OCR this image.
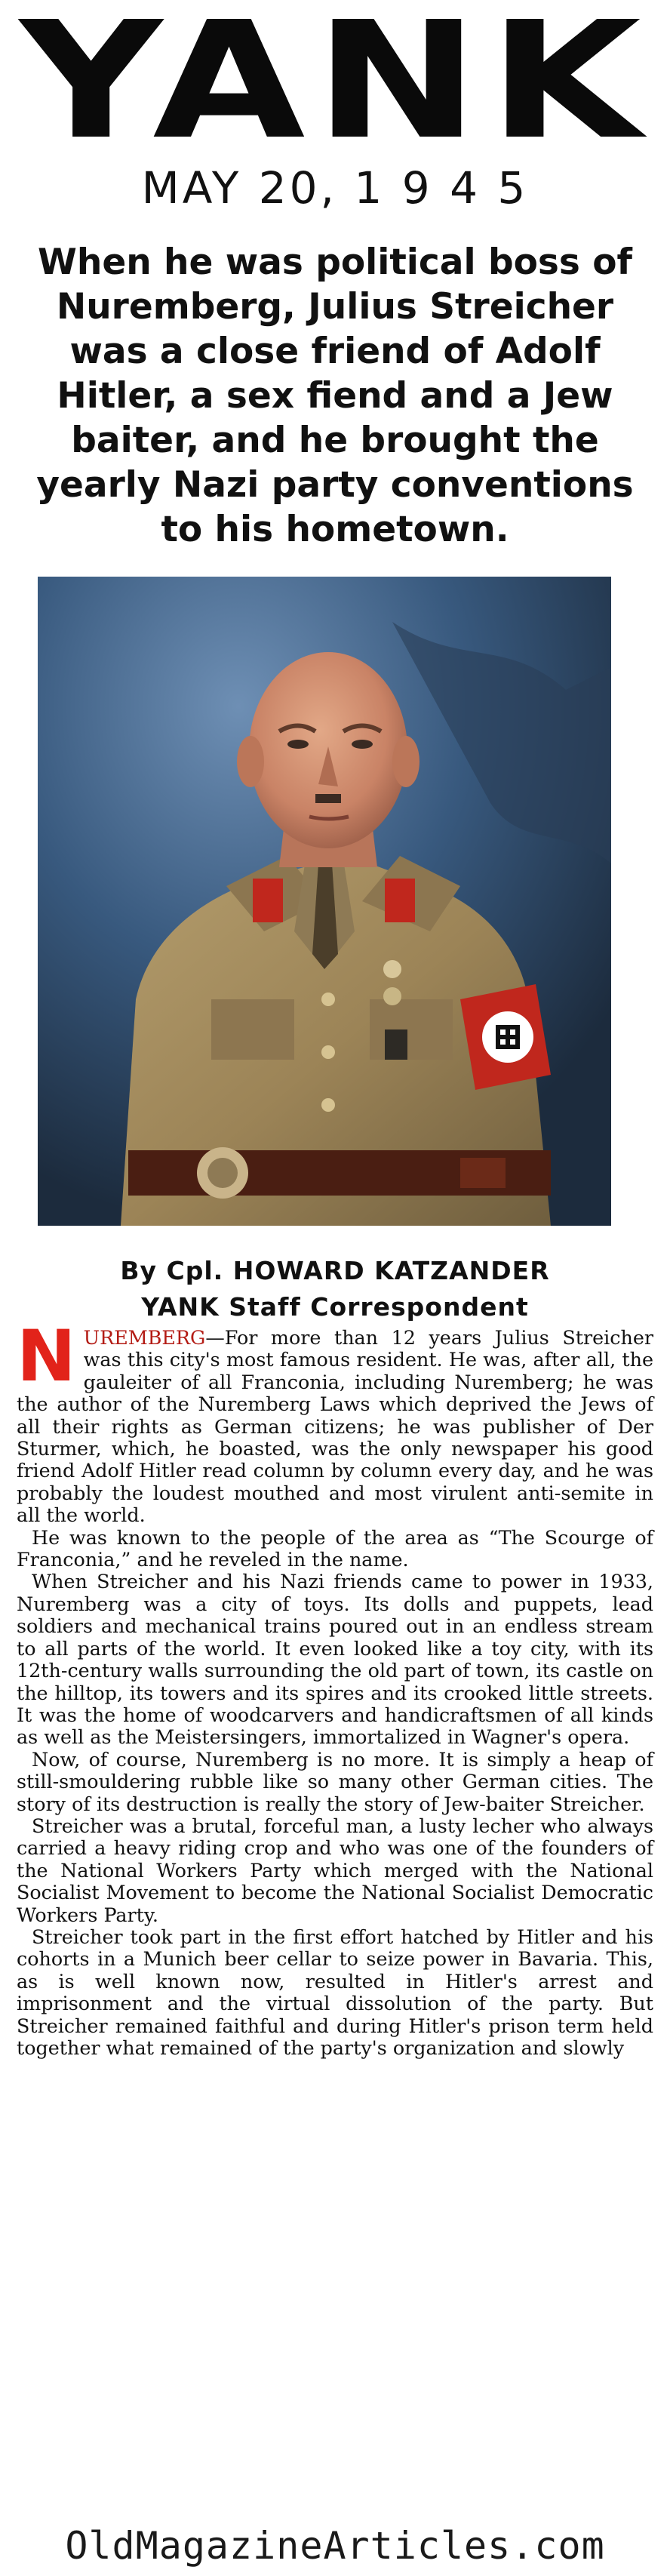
YANK
MAY 20, 1 9 4 5
When he was political boss of Nuremberg, Julius Streicher was a close friend of Adolf Hitler, a sex fiend and a Jew baiter, and he brought the yearly Nazi party conventions to his hometown.
By Cpl. HOWARD KATZANDER
YANK Staff Correspondent

NUREMBERG—For more than 12 years Julius Streicher was this city's most famous resident. He was, after all, the gauleiter of all Franconia, including Nuremberg; he was the author of the Nuremberg Laws which deprived the Jews of all their rights as German citizens; he was publisher of Der Sturmer, which, he boasted, was the only newspaper his good friend Adolf Hitler read column by column every day, and he was probably the loudest mouthed and most virulent anti-semite in all the world.

He was known to the people of the area as “The Scourge of Franconia,” and he reveled in the name.

When Streicher and his Nazi friends came to power in 1933, Nuremberg was a city of toys. Its dolls and puppets, lead soldiers and mechanical trains poured out in an endless stream to all parts of the world. It even looked like a toy city, with its 12th-century walls surrounding the old part of town, its castle on the hilltop, its towers and its spires and its crooked little streets. It was the home of woodcarvers and handicraftsmen of all kinds as well as the Meistersingers, immortalized in Wagner's opera.

Now, of course, Nuremberg is no more. It is simply a heap of still-smouldering rubble like so many other German cities. The story of its destruction is really the story of Jew-baiter Streicher.

Streicher was a brutal, forceful man, a lusty lecher who always carried a heavy riding crop and who was one of the founders of the National Workers Party which merged with the National Socialist Movement to become the National Socialist Democratic Workers Party.

Streicher took part in the first effort hatched by Hitler and his cohorts in a Munich beer cellar to seize power in Bavaria. This, as is well known now, resulted in Hitler's arrest and imprisonment and the virtual dissolution of the party. But Streicher remained faithful and during Hitler's prison term held together what remained of the party's organization and slowly

OldMagazineArticles.com
